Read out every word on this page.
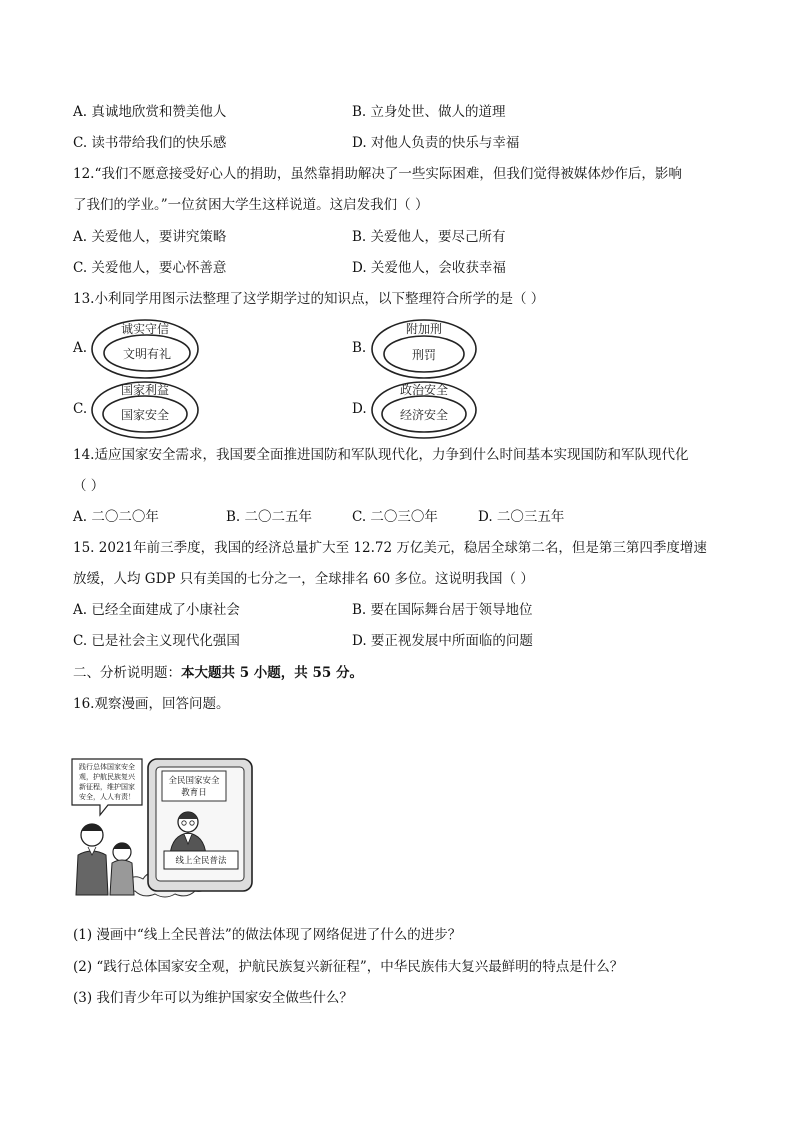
A. 真诚地欣赏和赞美他人	B. 立身处世、做人的道理
C. 读书带给我们的快乐感	D. 对他人负责的快乐与幸福
12.“我们不愿意接受好心人的捐助，虽然靠捐助解决了一些实际困难，但我们觉得被媒体炒作后，影响
了我们的学业。”一位贫困大学生这样说道。这启发我们（ ）
A. 关爱他人，要讲究策略	B. 关爱他人，要尽己所有
C. 关爱他人，要心怀善意	D. 关爱他人，会收获幸福
13.小利同学用图示法整理了这学期学过的知识点，以下整理符合所学的是（ ）
A.
诚实守信
文明有礼	B.
附加刑
刑罚
C.
国家利益
国家安全	D.
政治安全
经济安全
14.适应国家安全需求，我国要全面推进国防和军队现代化，力争到什么时间基本实现国防和军队现代化
（ ）
A. 二〇二〇年	B. 二〇二五年	C. 二〇三〇年	D. 二〇三五年
15. 2021年前三季度，我国的经济总量扩大至 12.72 万亿美元，稳居全球第二名，但是第三第四季度增速
放缓，人均 GDP 只有美国的七分之一，全球排名 60 多位。这说明我国（ ）
A. 已经全面建成了小康社会	B. 要在国际舞台居于领导地位
C. 已是社会主义现代化强国	D. 要正视发展中所面临的问题
二、分析说明题：本大题共 5 小题，共 55 分。
16.观察漫画，回答问题。
全民国家安全
教育日
线上全民普法
践行总体国家安全
观，护航民族复兴
新征程，维护国家
安全，人人有责！
(1) 漫画中“线上全民普法”的做法体现了网络促进了什么的进步？
(2) “践行总体国家安全观，护航民族复兴新征程”，中华民族伟大复兴最鲜明的特点是什么？
(3) 我们青少年可以为维护国家安全做些什么？
